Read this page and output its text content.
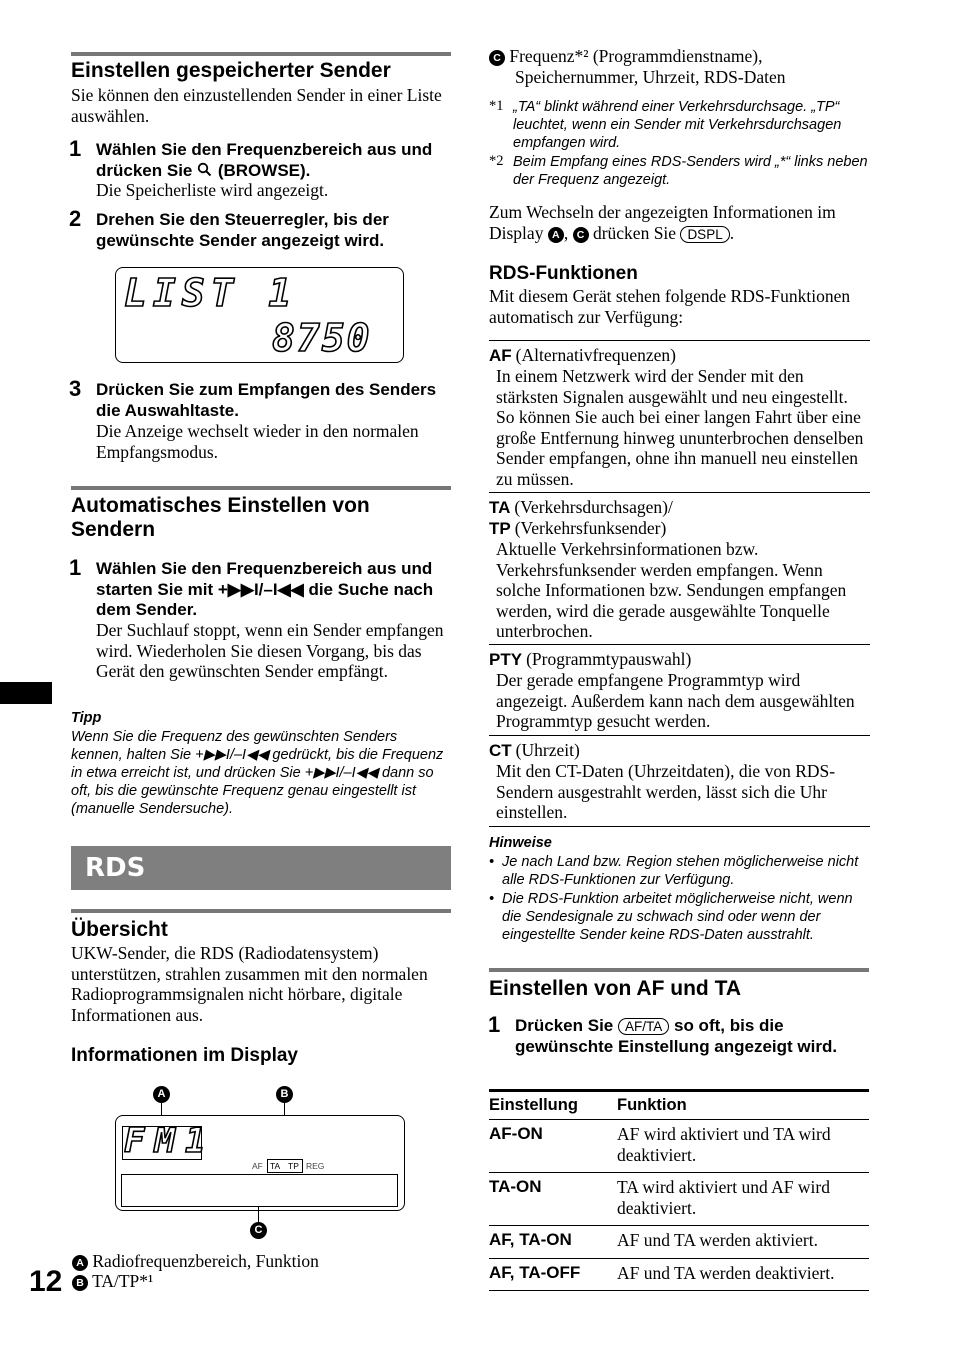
Einstellen gespeicherter Sender
Sie können den einzustellenden Sender in einer Liste auswählen.
1 Wählen Sie den Frequenzbereich aus und drücken Sie (BROWSE).
Die Speicherliste wird angezeigt.
2 Drehen Sie den Steuerregler, bis der gewünschte Sender angezeigt wird.
LIST 1
8750
3 Drücken Sie zum Empfangen des Senders die Auswahltaste.
Die Anzeige wechselt wieder in den normalen Empfangsmodus.
Automatisches Einstellen von Sendern
1 Wählen Sie den Frequenzbereich aus und starten Sie mit +▶▶I/–I◀◀ die Suche nach dem Sender.
Der Suchlauf stoppt, wenn ein Sender empfangen wird. Wiederholen Sie diesen Vorgang, bis das Gerät den gewünschten Sender empfängt.
Tipp
Wenn Sie die Frequenz des gewünschten Senders kennen, halten Sie +▶▶I/–I◀◀ gedrückt, bis die Frequenz in etwa erreicht ist, und drücken Sie +▶▶I/–I◀◀ dann so oft, bis die gewünschte Frequenz genau eingestellt ist (manuelle Sendersuche).
RDS
Übersicht
UKW-Sender, die RDS (Radiodatensystem) unterstützen, strahlen zusammen mit den normalen Radioprogrammsignalen nicht hörbare, digitale Informationen aus.
Informationen im Display
A	B
FM1
AF TA TP REG
C
A Radiofrequenzbereich, Funktion
B TA/TP*¹
12
C Frequenz*² (Programmdienstname),
Speichernummer, Uhrzeit, RDS-Daten
*1 „TA“ blinkt während einer Verkehrsdurchsage. „TP“ leuchtet, wenn ein Sender mit Verkehrsdurchsagen empfangen wird.
*2 Beim Empfang eines RDS-Senders wird „*“ links neben der Frequenz angezeigt.
Zum Wechseln der angezeigten Informationen im Display A , C drücken Sie DSPL .
RDS-Funktionen
Mit diesem Gerät stehen folgende RDS-Funktionen automatisch zur Verfügung:
AF (Alternativfrequenzen)
In einem Netzwerk wird der Sender mit den stärksten Signalen ausgewählt und neu eingestellt. So können Sie auch bei einer langen Fahrt über eine große Entfernung hinweg ununterbrochen denselben Sender empfangen, ohne ihn manuell neu einstellen zu müssen.
TA (Verkehrsdurchsagen)/
TP (Verkehrsfunksender)
Aktuelle Verkehrsinformationen bzw. Verkehrsfunksender werden empfangen. Wenn solche Informationen bzw. Sendungen empfangen werden, wird die gerade ausgewählte Tonquelle unterbrochen.
PTY (Programmtypauswahl)
Der gerade empfangene Programmtyp wird angezeigt. Außerdem kann nach dem ausgewählten Programmtyp gesucht werden.
CT (Uhrzeit)
Mit den CT-Daten (Uhrzeitdaten), die von RDS-Sendern ausgestrahlt werden, lässt sich die Uhr einstellen.
Hinweise
• Je nach Land bzw. Region stehen möglicherweise nicht alle RDS-Funktionen zur Verfügung.
• Die RDS-Funktion arbeitet möglicherweise nicht, wenn die Sendesignale zu schwach sind oder wenn der eingestellte Sender keine RDS-Daten ausstrahlt.
Einstellen von AF und TA
1 Drücken Sie AF/TA so oft, bis die gewünschte Einstellung angezeigt wird.
Einstellung	Funktion
AF-ON	AF wird aktiviert und TA wird deaktiviert.
TA-ON	TA wird aktiviert und AF wird deaktiviert.
AF, TA-ON	AF und TA werden aktiviert.
AF, TA-OFF	AF und TA werden deaktiviert.
